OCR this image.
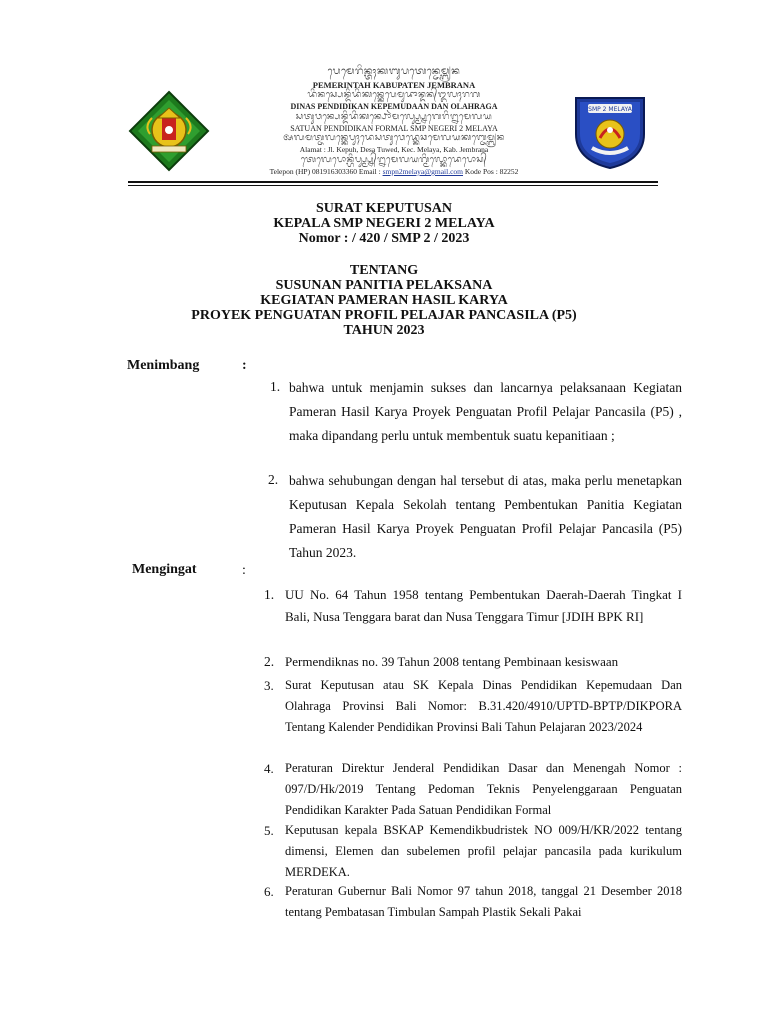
SMP 2 MELAYA
ᬧᬾᬫᬾᬭᬶᬦ᭄ᬢᬄᬓᬩᬸᬧᬢᬾᬦ᭄ᬚᬾᬫ᭄ᬩ᭄ᬭᬦ
PEMERINTAH KABUPATEN JEMBRANA
ᬤᬶᬦᬲ᭄ᬧᬾᬦ᭄ᬤᬶᬤᬶᬓᬦ᭄ᬓᬾᬧᬾᬫᬸᬤᬵᬦ᭄ᬤᬦ᭄ᬑᬮᬄᬭᬕ
DINAS PENDIDIKAN KEPEMUDAAN DAN OLAHRAGA
ᬲᬢᬸᬯᬦ᭄ᬧᬾᬦ᭄ᬤᬶᬤᬶᬓᬦ᭄ᬨᭀᬃᬫᬮ᭄ᬲ᭄ᬫ᭄ᬧ᭄ᬦᬾᬕᬾᬭᬶ᭒ᬫᬾᬮᬬ
SATUAN PENDIDIKAN FORMAL SMP NEGERI 2 MELAYA
ᬅᬮᬫᬢ᭄ᬚᬮᬦ᭄ᬓᬾᬧᬸᬄᬤᬾᬲᬢᬸᬯᬾᬤ᭄ᬓᬾᬘᬫᬾᬮᬬᬓᬩ᭄ᬚᬾᬫ᭄ᬩ᭄ᬭᬦ
Alamat : Jl. Kepuh, Desa Tuwed, Kec. Melaya, Kab. Jembrana
ᬢᬾᬮᬾᬧᭀᬦ᭄ᬳᬶᬧ᭄ᬲ᭄ᬫ᭄ᬧ᭄ᬦ᭄᭒ᬫᬾᬮᬬᬕ᭄ᬫᬶᬮ᭄ᬓᭀᬤᬾᬧᭀᬲ᭄
Telepon (HP) 081916303360 Email : smpn2melaya@gmail.com Kode Pos : 82252
SURAT KEPUTUSAN
KEPALA SMP NEGERI 2 MELAYA
Nomor : / 420 / SMP 2 / 2023
TENTANG
SUSUNAN PANITIA PELAKSANA
KEGIATAN PAMERAN HASIL KARYA
PROYEK PENGUATAN PROFIL PELAJAR PANCASILA (P5)
TAHUN 2023
Menimbang	:
1. bahwa untuk menjamin sukses dan lancarnya pelaksanaan Kegiatan Pameran Hasil Karya Proyek Penguatan Profil Pelajar Pancasila (P5) , maka dipandang perlu untuk membentuk suatu kepanitiaan ;
2. bahwa sehubungan dengan hal tersebut di atas, maka perlu menetapkan Keputusan Kepala Sekolah tentang Pembentukan Panitia Kegiatan Pameran Hasil Karya Proyek Penguatan Profil Pelajar Pancasila (P5) Tahun 2023.
Mengingat	:
1. UU No. 64 Tahun 1958 tentang Pembentukan Daerah-Daerah Tingkat I Bali, Nusa Tenggara barat dan Nusa Tenggara Timur [JDIH BPK RI]
2. Permendiknas no. 39 Tahun 2008 tentang Pembinaan kesiswaan
3. Surat Keputusan atau SK Kepala Dinas Pendidikan Kepemudaan Dan Olahraga Provinsi Bali Nomor: B.31.420/4910/UPTD-BPTP/DIKPORA Tentang Kalender Pendidikan Provinsi Bali Tahun Pelajaran 2023/2024
4. Peraturan Direktur Jenderal Pendidikan Dasar dan Menengah Nomor : 097/D/Hk/2019 Tentang Pedoman Teknis Penyelenggaraan Penguatan Pendidikan Karakter Pada Satuan Pendidikan Formal
5. Keputusan kepala BSKAP Kemendikbudristek NO 009/H/KR/2022 tentang dimensi, Elemen dan subelemen profil pelajar pancasila pada kurikulum MERDEKA.
6. Peraturan Gubernur Bali Nomor 97 tahun 2018, tanggal 21 Desember 2018 tentang Pembatasan Timbulan Sampah Plastik Sekali Pakai
